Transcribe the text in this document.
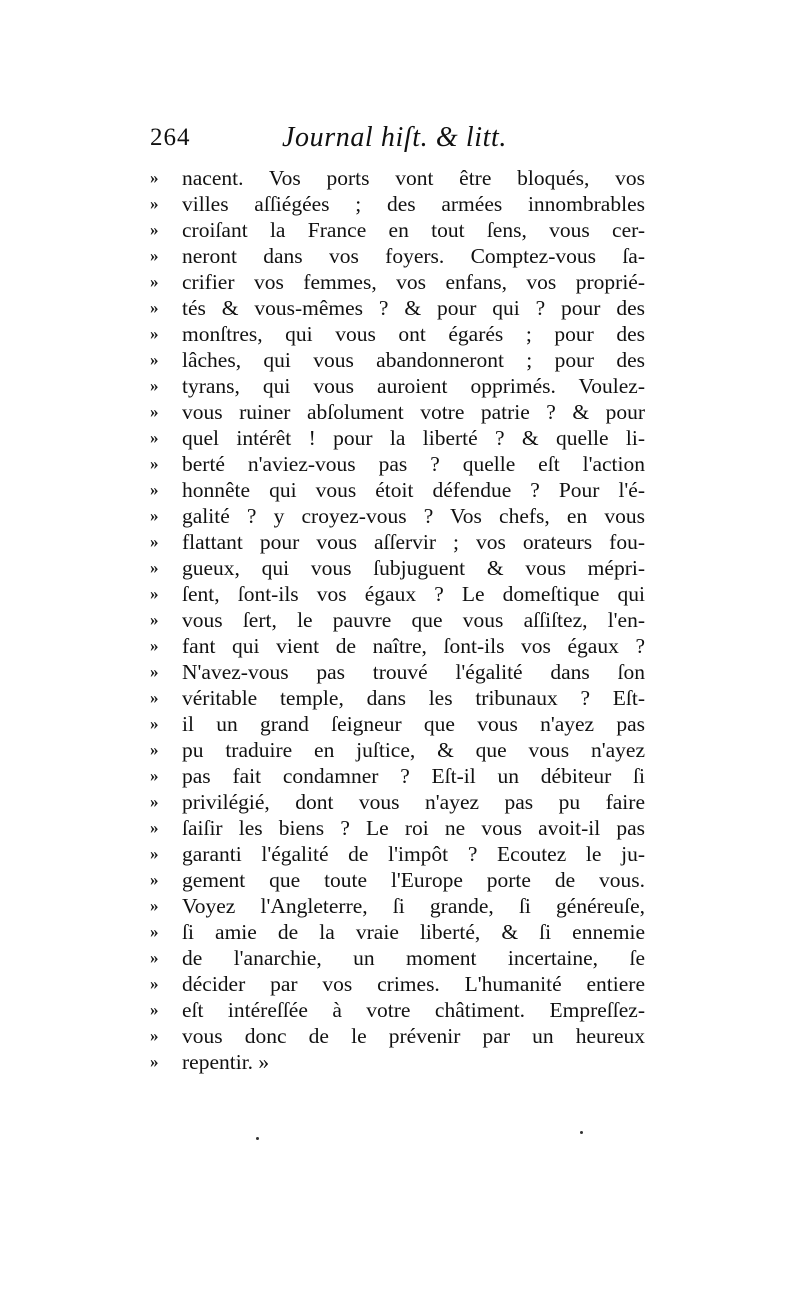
264	Journal hiſt. & litt.
»	nacent. Vos ports vont être bloqués, vos
»	villes aſſiégées ; des armées innombrables
»	croiſant la France en tout ſens, vous cer-
»	neront dans vos foyers. Comptez-vous ſa-
»	crifier vos femmes, vos enfans, vos proprié-
»	tés & vous-mêmes ? & pour qui ? pour des
»	monſtres, qui vous ont égarés ; pour des
»	lâches, qui vous abandonneront ; pour des
»	tyrans, qui vous auroient opprimés. Voulez-
»	vous ruiner abſolument votre patrie ? & pour
»	quel intérêt ! pour la liberté ? & quelle li-
»	berté n'aviez-vous pas ? quelle eſt l'action
»	honnête qui vous étoit défendue ? Pour l'é-
»	galité ? y croyez-vous ? Vos chefs, en vous
»	flattant pour vous aſſervir ; vos orateurs fou-
»	gueux, qui vous ſubjuguent & vous mépri-
»	ſent, ſont-ils vos égaux ? Le domeſtique qui
»	vous ſert, le pauvre que vous aſſiſtez, l'en-
»	fant qui vient de naître, ſont-ils vos égaux ?
»	N'avez-vous pas trouvé l'égalité dans ſon
»	véritable temple, dans les tribunaux ? Eſt-
»	il un grand ſeigneur que vous n'ayez pas
»	pu traduire en juſtice, & que vous n'ayez
»	pas fait condamner ? Eſt-il un débiteur ſi
»	privilégié, dont vous n'ayez pas pu faire
»	ſaiſir les biens ? Le roi ne vous avoit-il pas
»	garanti l'égalité de l'impôt ? Ecoutez le ju-
»	gement que toute l'Europe porte de vous.
»	Voyez l'Angleterre, ſi grande, ſi généreuſe,
»	ſi amie de la vraie liberté, & ſi ennemie
»	de l'anarchie, un moment incertaine, ſe
»	décider par vos crimes. L'humanité entiere
»	eſt intéreſſée à votre châtiment. Empreſſez-
»	vous donc de le prévenir par un heureux
»	repentir. »
